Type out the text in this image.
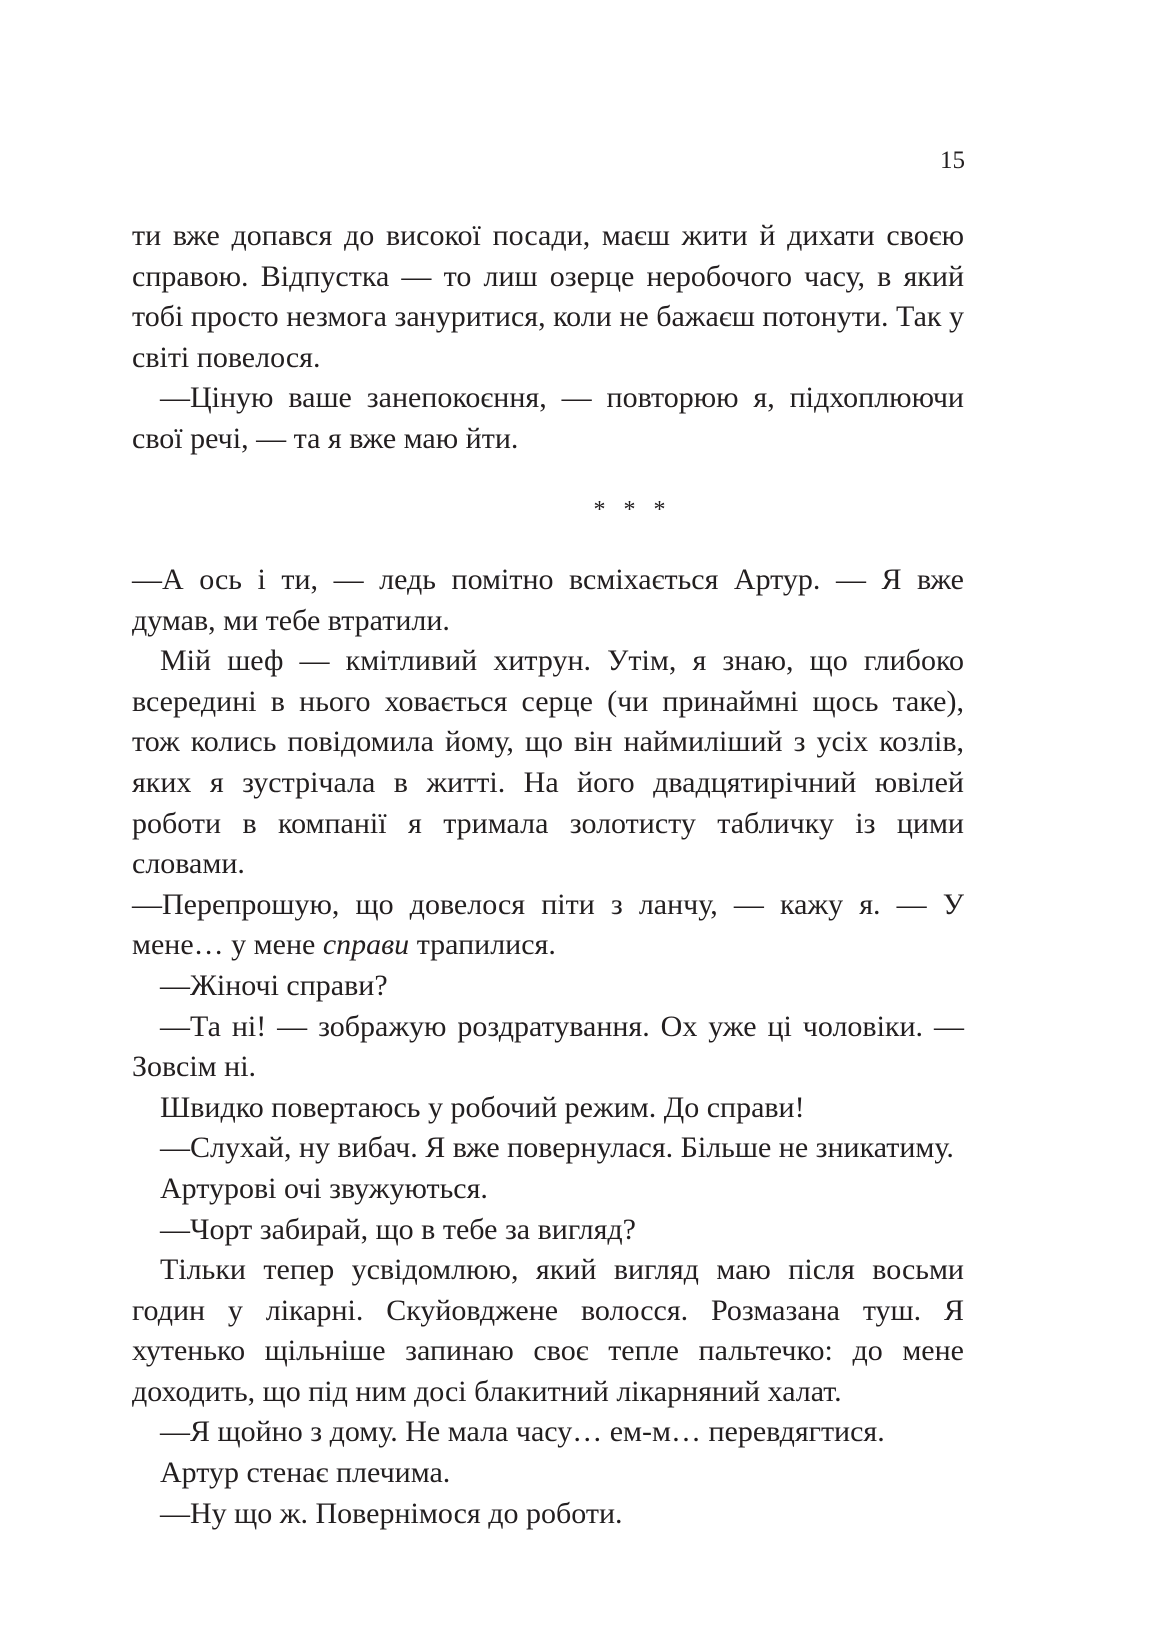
15

ти вже допався до високої посади, маєш жити й дихати своєю справою. Відпустка — то лиш озерце неробочого часу, в який тобі просто незмога зануритися, коли не бажаєш потонути. Так у світі повелося.

—Ціную ваше занепокоєння, — повторюю я, підхоплюючи свої речі, — та я вже маю йти.

* * *

—А ось і ти, — ледь помітно всміхається Артур. — Я вже думав, ми тебе втратили.

Мій шеф — кмітливий хитрун. Утім, я знаю, що глибоко всередині в нього ховається серце (чи принаймні щось таке), тож колись повідомила йому, що він наймиліший з усіх козлів, яких я зустрічала в житті. На його двадцятирічний ювілей роботи в компанії я тримала золотисту табличку із цими словами.

—Перепрошую, що довелося піти з ланчу, — кажу я. — У мене… у мене справи трапилися.

—Жіночі справи?

—Та ні! — зображую роздратування. Ох уже ці чоловіки. — Зовсім ні.

Швидко повертаюсь у робочий режим. До справи!

—Слухай, ну вибач. Я вже повернулася. Більше не зникатиму.

Артурові очі звужуються.

—Чорт забирай, що в тебе за вигляд?

Тільки тепер усвідомлюю, який вигляд маю після восьми годин у лікарні. Скуйовджене волосся. Розмазана туш. Я хутенько щільніше запинаю своє тепле пальтечко: до мене доходить, що під ним досі блакитний лікарняний халат.

—Я щойно з дому. Не мала часу… ем-м… перевдягтися.

Артур стенає плечима.

—Ну що ж. Повернімося до роботи.
